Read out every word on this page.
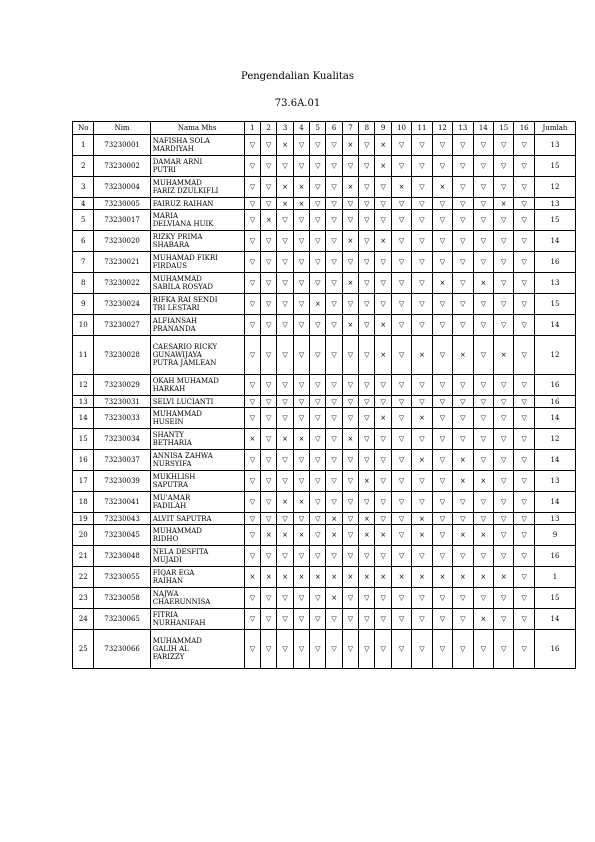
Pengendalian Kualitas
73.6A.01
No	Nim	Nama Mhs	1	2	3	4	5	6	7	8	9	10	11	12	13	14	15	16	Jumlah
1	73230001	NAFISHA SOLA
MARDIYAH	▽	▽	×	▽	▽	▽	×	▽	×	▽	▽	▽	▽	▽	▽	▽	13
2	73230002	DAMAR ARNI
PUTRI	▽	▽	▽	▽	▽	▽	▽	▽	×	▽	▽	▽	▽	▽	▽	▽	15
3	73230004	MUHAMMAD
FARIZ DZULKIFLI	▽	▽	×	×	▽	▽	×	▽	▽	×	▽	×	▽	▽	▽	▽	12
4	73230005	FAIRUZ RAIHAN	▽	▽	×	×	▽	▽	▽	▽	▽	▽	▽	▽	▽	▽	×	▽	13
5	73230017	MARIA
DELVIANA HUIK	▽	×	▽	▽	▽	▽	▽	▽	▽	▽	▽	▽	▽	▽	▽	▽	15
6	73230020	RIZKY PRIMA
SHABARA	▽	▽	▽	▽	▽	▽	×	▽	×	▽	▽	▽	▽	▽	▽	▽	14
7	73230021	MUHAMAD FIKRI
FIRDAUS	▽	▽	▽	▽	▽	▽	▽	▽	▽	▽	▽	▽	▽	▽	▽	▽	16
8	73230022	MUHAMMAD
SABILA ROSYAD	▽	▽	▽	▽	▽	▽	×	▽	▽	▽	▽	×	▽	×	▽	▽	13
9	73230024	RIFKA RAI SENDI
TRI LESTARI	▽	▽	▽	▽	×	▽	▽	▽	▽	▽	▽	▽	▽	▽	▽	▽	15
10	73230027	ALFIANSAH
PRANANDA	▽	▽	▽	▽	▽	▽	×	▽	×	▽	▽	▽	▽	▽	▽	▽	14
11	73230028	CAESARIO RICKY
GUNAWIJAYA
PUTRA JAMLEAN	▽	▽	▽	▽	▽	▽	▽	▽	×	▽	×	▽	×	▽	×	▽	12
12	73230029	OKAH MUHAMAD
HARKAH	▽	▽	▽	▽	▽	▽	▽	▽	▽	▽	▽	▽	▽	▽	▽	▽	16
13	73230031	SELVI LUCIANTI	▽	▽	▽	▽	▽	▽	▽	▽	▽	▽	▽	▽	▽	▽	▽	▽	16
14	73230033	MUHAMMAD
HUSEIN	▽	▽	▽	▽	▽	▽	▽	▽	×	▽	×	▽	▽	▽	▽	▽	14
15	73230034	SHANTY
BETHARIA	×	▽	×	×	▽	▽	×	▽	▽	▽	▽	▽	▽	▽	▽	▽	12
16	73230037	ANNISA ZAHWA
NURSYIFA	▽	▽	▽	▽	▽	▽	▽	▽	▽	▽	×	▽	×	▽	▽	▽	14
17	73230039	MUKHLISH
SAPUTRA	▽	▽	▽	▽	▽	▽	▽	×	▽	▽	▽	▽	×	×	▽	▽	13
18	73230041	MU'AMAR
FADILAH	▽	▽	×	×	▽	▽	▽	▽	▽	▽	▽	▽	▽	▽	▽	▽	14
19	73230043	ALVIT SAPUTRA	▽	▽	▽	▽	▽	×	▽	×	▽	▽	×	▽	▽	▽	▽	▽	13
20	73230045	MUHAMMAD
RIDHO	▽	×	×	×	▽	×	▽	×	×	▽	×	▽	×	×	▽	▽	9
21	73230048	NELA DESFITA
MUJADI	▽	▽	▽	▽	▽	▽	▽	▽	▽	▽	▽	▽	▽	▽	▽	▽	16
22	73230055	FIQAR EGA
RAIHAN	×	×	×	×	×	×	×	×	×	×	×	×	×	×	×	▽	1
23	73230058	NAJWA
CHAERUNNISA	▽	▽	▽	▽	▽	×	▽	▽	▽	▽	▽	▽	▽	▽	▽	▽	15
24	73230065	FITRIA
NURHANIFAH	▽	▽	▽	▽	▽	▽	▽	▽	▽	▽	▽	▽	▽	×	▽	▽	14
25	73230066	MUHAMMAD
GALIH AL
FARIZZY	▽	▽	▽	▽	▽	▽	▽	▽	▽	▽	▽	▽	▽	▽	▽	▽	16
